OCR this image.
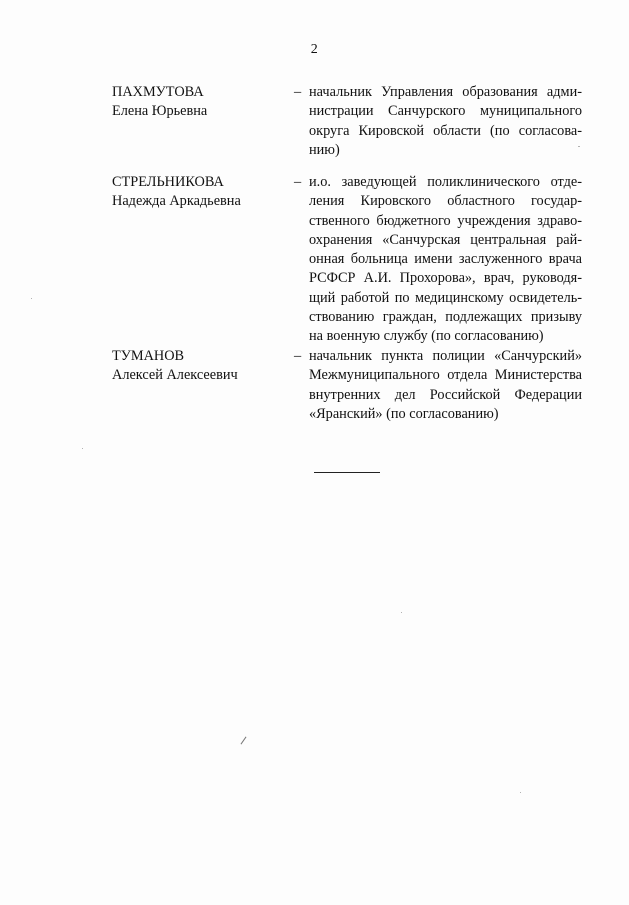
2
ПАХМУТОВА
Елена Юрьевна
– начальник Управления образования адми-
нистрации Санчурского муниципального
округа Кировской области (по согласова-
нию)
СТРЕЛЬНИКОВА
Надежда Аркадьевна
– и.о. заведующей поликлинического отде-
ления Кировского областного государ-
ственного бюджетного учреждения здраво-
охранения «Санчурская центральная рай-
онная больница имени заслуженного врача
РСФСР А.И. Прохорова», врач, руководя-
щий работой по медицинскому освидетель-
ствованию граждан, подлежащих призыву
на военную службу (по согласованию)
ТУМАНОВ
Алексей Алексеевич
– начальник пункта полиции «Санчурский»
Межмуниципального отдела Министерства
внутренних дел Российской Федерации
«Яранский» (по согласованию)
